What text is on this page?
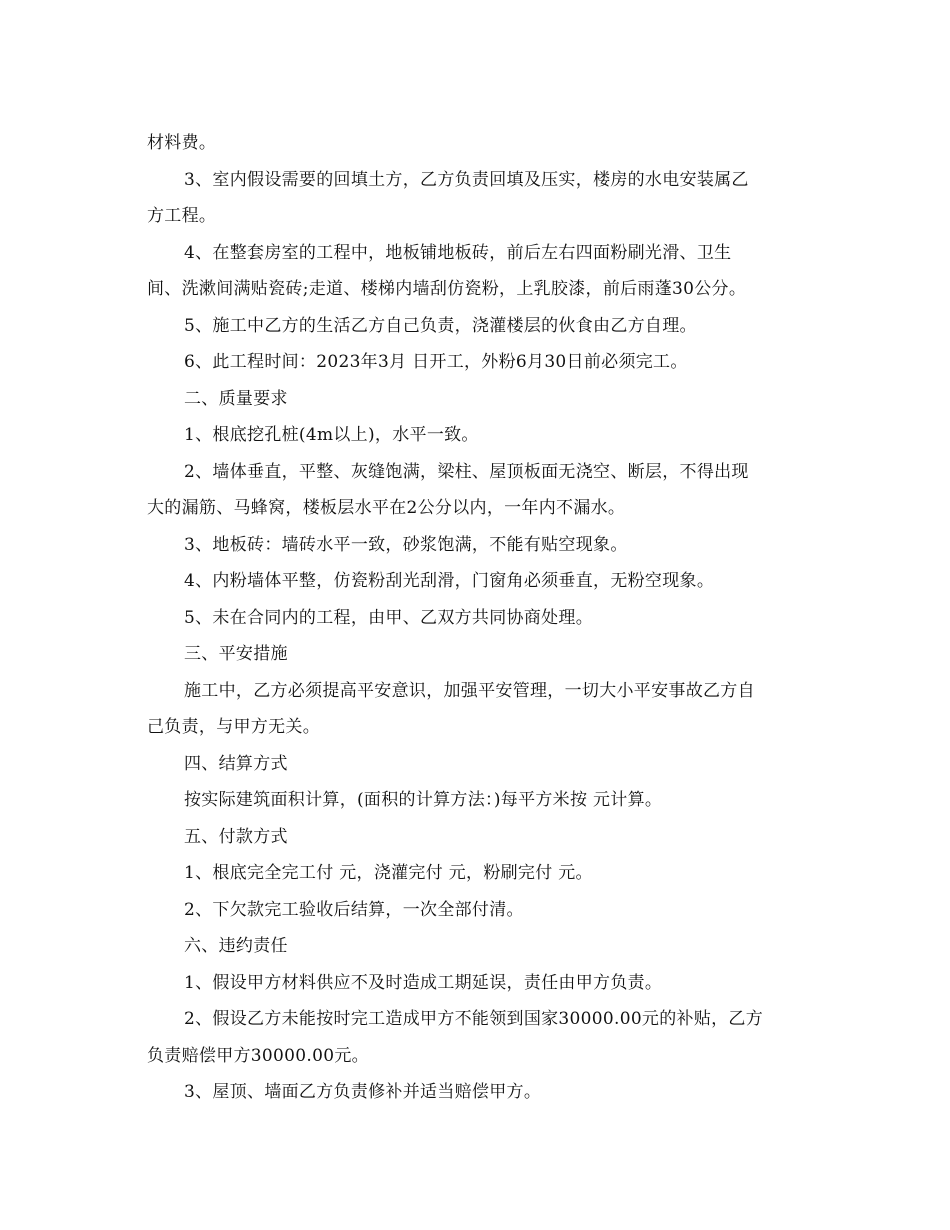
材料费。
3、室内假设需要的回填土方，乙方负责回填及压实，楼房的水电安装属乙
方工程。
4、在整套房室的工程中，地板铺地板砖，前后左右四面粉刷光滑、卫生
间、洗漱间满贴瓷砖;走道、楼梯内墙刮仿瓷粉，上乳胶漆，前后雨蓬30公分。
5、施工中乙方的生活乙方自己负责，浇灌楼层的伙食由乙方自理。
6、此工程时间：2023年3月 日开工，外粉6月30日前必须完工。
二、质量要求
1、根底挖孔桩(4m以上)，水平一致。
2、墙体垂直，平整、灰缝饱满，梁柱、屋顶板面无浇空、断层，不得出现
大的漏筋、马蜂窝，楼板层水平在2公分以内，一年内不漏水。
3、地板砖：墙砖水平一致，砂浆饱满，不能有贴空现象。
4、内粉墙体平整，仿瓷粉刮光刮滑，门窗角必须垂直，无粉空现象。
5、未在合同内的工程，由甲、乙双方共同协商处理。
三、平安措施
施工中，乙方必须提高平安意识，加强平安管理，一切大小平安事故乙方自
己负责，与甲方无关。
四、结算方式
按实际建筑面积计算，(面积的计算方法：)每平方米按 元计算。
五、付款方式
1、根底完全完工付 元，浇灌完付 元，粉刷完付 元。
2、下欠款完工验收后结算，一次全部付清。
六、违约责任
1、假设甲方材料供应不及时造成工期延误，责任由甲方负责。
2、假设乙方未能按时完工造成甲方不能领到国家30000.00元的补贴，乙方
负责赔偿甲方30000.00元。
3、屋顶、墙面乙方负责修补并适当赔偿甲方。
